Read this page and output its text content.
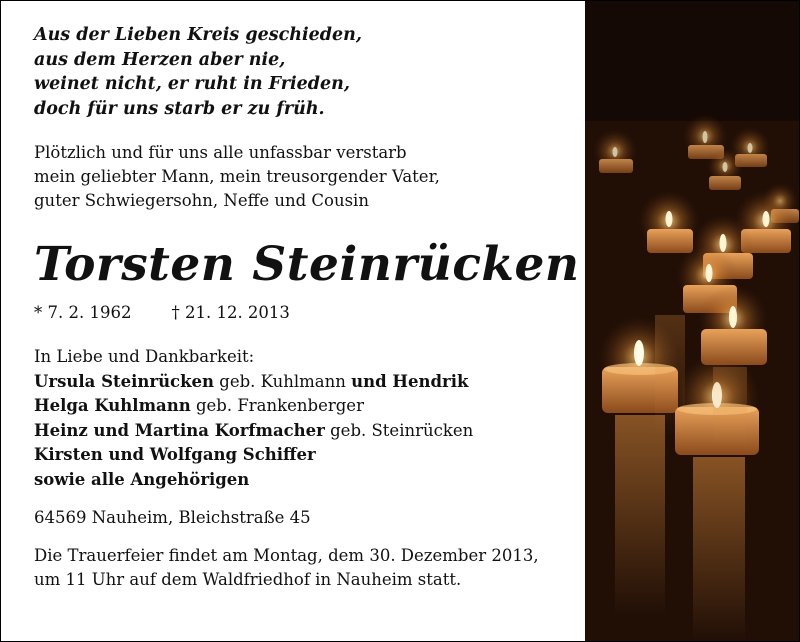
Aus der Lieben Kreis geschieden,
aus dem Herzen aber nie,
weinet nicht, er ruht in Frieden,
doch für uns starb er zu früh.
Plötzlich und für uns alle unfassbar verstarb
mein geliebter Mann, mein treusorgender Vater,
guter Schwiegersohn, Neffe und Cousin
Torsten Steinrücken
* 7. 2. 1962 † 21. 12. 2013
In Liebe und Dankbarkeit:
Ursula Steinrücken geb. Kuhlmann und Hendrik
Helga Kuhlmann geb. Frankenberger
Heinz und Martina Korfmacher geb. Steinrücken
Kirsten und Wolfgang Schiffer
sowie alle Angehörigen
64569 Nauheim, Bleichstraße 45
Die Trauerfeier findet am Montag, dem 30. Dezember 2013,
um 11 Uhr auf dem Waldfriedhof in Nauheim statt.
